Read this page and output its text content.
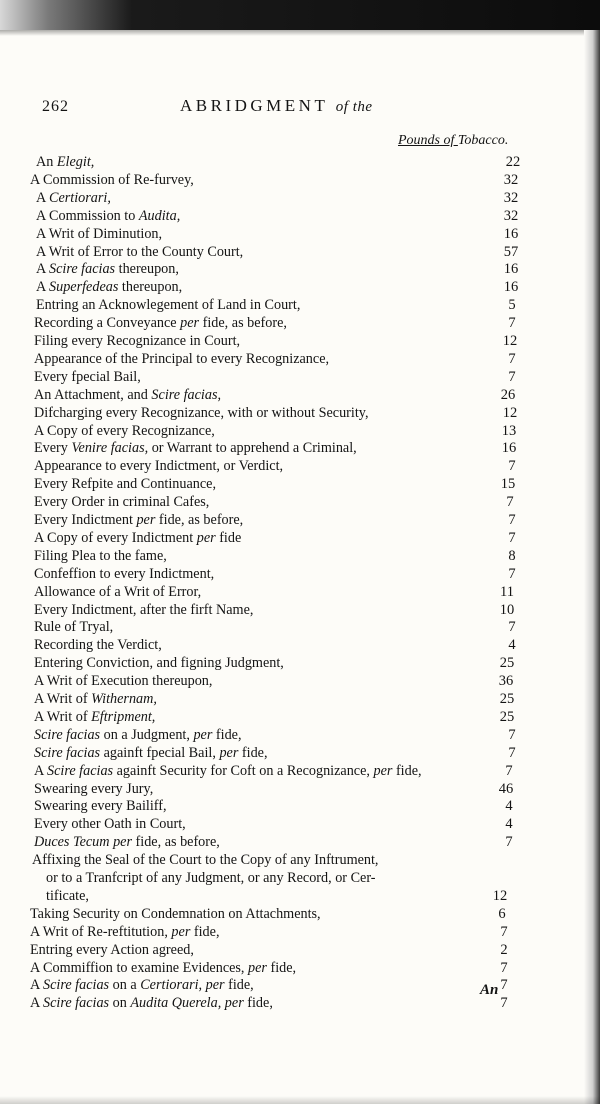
262	ABRIDGMENT of the
Pounds of Tobacco.
An Elegit,	22
A Commission of Re-furvey,	32
A Certiorari,	32
A Commission to Audita,	32
A Writ of Diminution,	16
A Writ of Error to the County Court,	57
A Scire facias thereupon,	16
A Superfedeas thereupon,	16
Entring an Acknowlegement of Land in Court,	5
Recording a Conveyance per fide, as before,	7
Filing every Recognizance in Court,	12
Appearance of the Principal to every Recognizance,	7
Every fpecial Bail,	7
An Attachment, and Scire facias,	26
Difcharging every Recognizance, with or without Security,	12
A Copy of every Recognizance,	13
Every Venire facias, or Warrant to apprehend a Criminal,	16
Appearance to every Indictment, or Verdict,	7
Every Refpite and Continuance,	15
Every Order in criminal Cafes,	7
Every Indictment per fide, as before,	7
A Copy of every Indictment per fide	7
Filing Plea to the fame,	8
Confeffion to every Indictment,	7
Allowance of a Writ of Error,	11
Every Indictment, after the firft Name,	10
Rule of Tryal,	7
Recording the Verdict,	4
Entering Conviction, and figning Judgment,	25
A Writ of Execution thereupon,	36
A Writ of Withernam,	25
A Writ of Eftripment,	25
Scire facias on a Judgment, per fide,	7
Scire facias againft fpecial Bail, per fide,	7
A Scire facias againft Security for Coft on a Recognizance, per fide,	7
Swearing every Jury,	46
Swearing every Bailiff,	4
Every other Oath in Court,	4
Duces Tecum per fide, as before,	7
Affixing the Seal of the Court to the Copy of any Inftrument,
or to a Tranfcript of any Judgment, or any Record, or Cer-
tificate,	12
Taking Security on Condemnation on Attachments,	6
A Writ of Re-reftitution, per fide,	7
Entring every Action agreed,	2
A Commiffion to examine Evidences, per fide,	7
A Scire facias on a Certiorari, per fide,	7
A Scire facias on Audita Querela, per fide,	7
An
